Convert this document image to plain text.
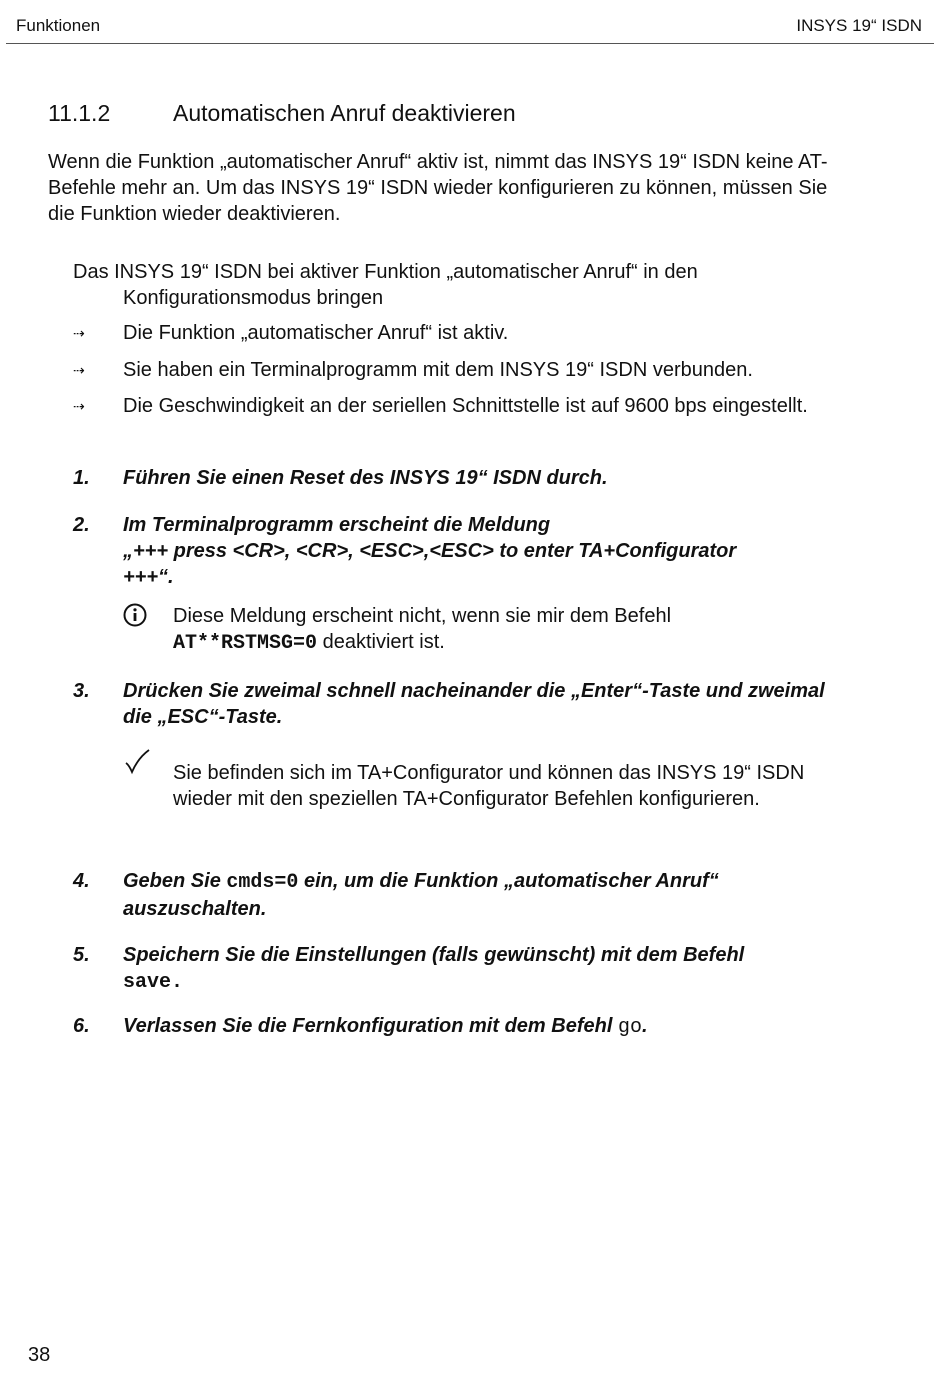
Funktionen	INSYS 19“ ISDN
11.1.2	Automatischen Anruf deaktivieren
Wenn die Funktion „automatischer Anruf“ aktiv ist, nimmt das INSYS 19“ ISDN keine AT-Befehle mehr an. Um das INSYS 19“ ISDN wieder konfigurieren zu können, müssen Sie die Funktion wieder deaktivieren.
Das INSYS 19“ ISDN bei aktiver Funktion „automatischer Anruf“ in den
Konfigurationsmodus bringen
⇢ Die Funktion „automatischer Anruf“ ist aktiv.
⇢ Sie haben ein Terminalprogramm mit dem INSYS 19“ ISDN verbunden.
⇢ Die Geschwindigkeit an der seriellen Schnittstelle ist auf 9600 bps eingestellt.
1. Führen Sie einen Reset des INSYS 19“ ISDN durch.
2. Im Terminalprogramm erscheint die Meldung
„+++ press <CR>, <CR>, <ESC>,<ESC> to enter TA+Configurator
+++“.
Diese Meldung erscheint nicht, wenn sie mir dem Befehl
AT**RSTMSG=0 deaktiviert ist.
3. Drücken Sie zweimal schnell nacheinander die „Enter“-Taste und zweimal die „ESC“-Taste.
Sie befinden sich im TA+Configurator und können das INSYS 19“ ISDN wieder mit den speziellen TA+Configurator Befehlen konfigurieren.
4. Geben Sie cmds=0 ein, um die Funktion „automatischer Anruf“ auszuschalten.
5. Speichern Sie die Einstellungen (falls gewünscht) mit dem Befehl
save.
6. Verlassen Sie die Fernkonfiguration mit dem Befehl go.
38
